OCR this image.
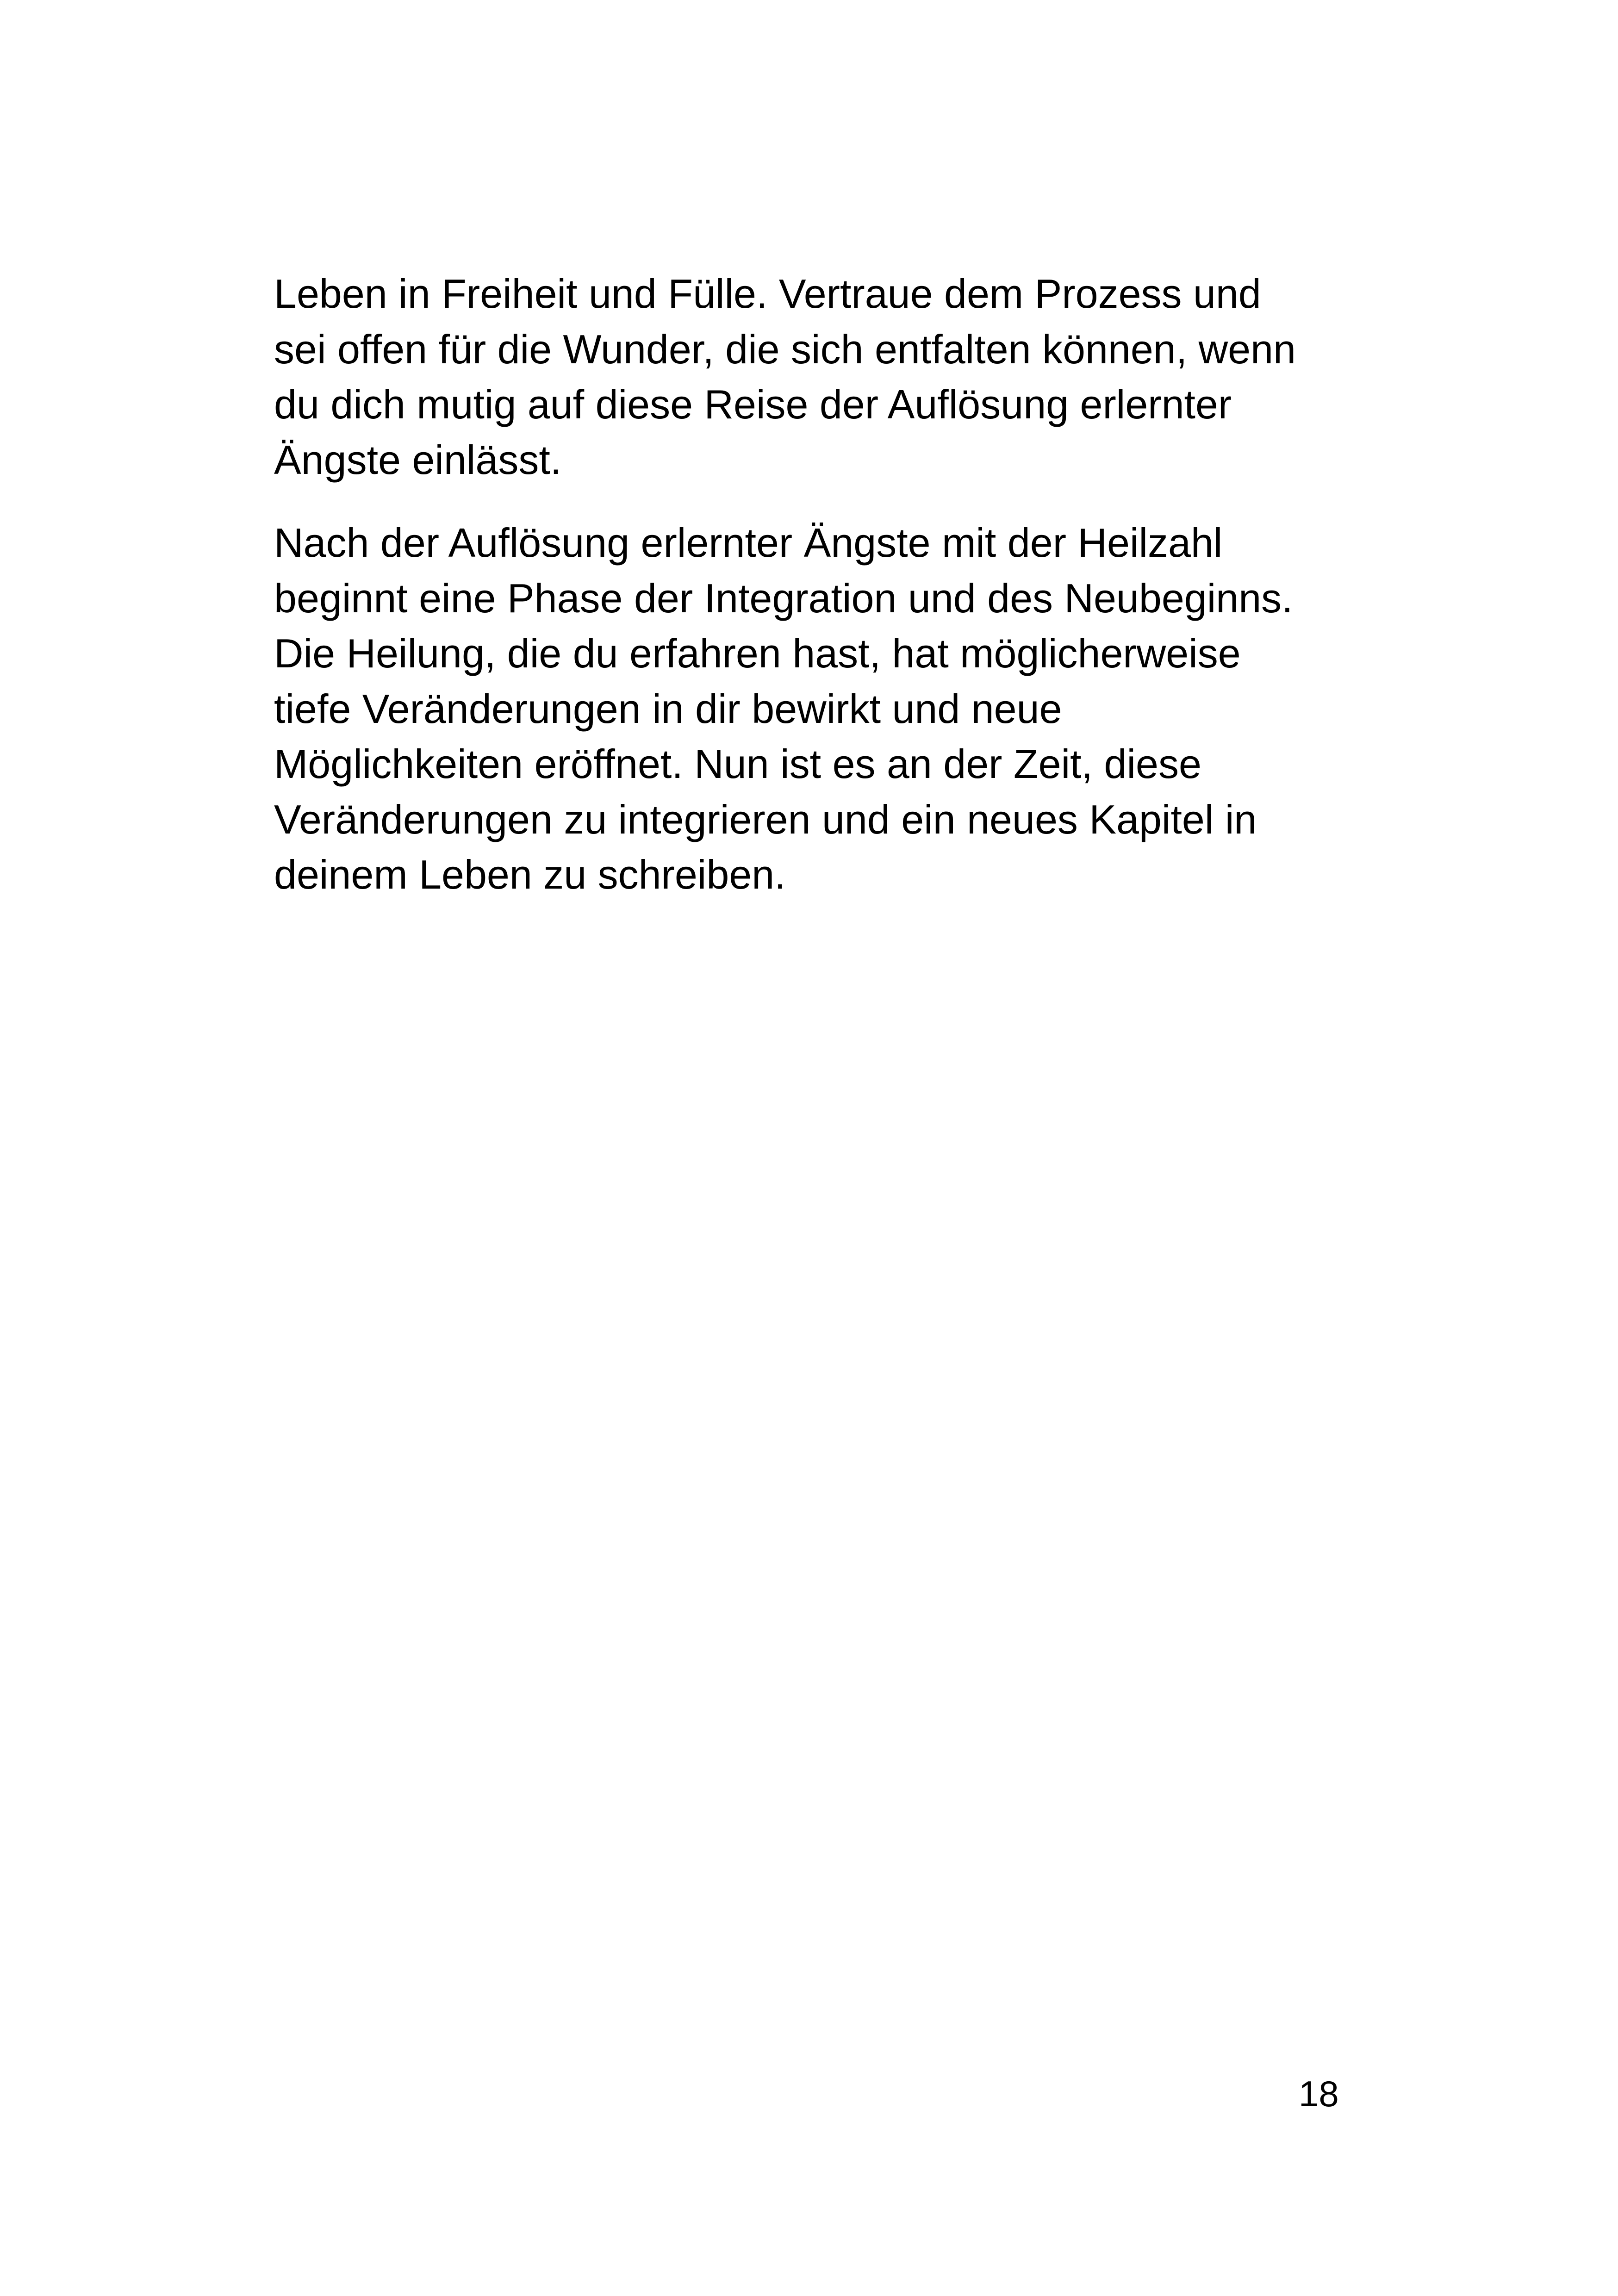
Leben in Freiheit und Fülle. Vertraue dem Prozess und
sei offen für die Wunder, die sich entfalten können, wenn
du dich mutig auf diese Reise der Auflösung erlernter
Ängste einlässt.

Nach der Auflösung erlernter Ängste mit der Heilzahl
beginnt eine Phase der Integration und des Neubeginns.
Die Heilung, die du erfahren hast, hat möglicherweise
tiefe Veränderungen in dir bewirkt und neue
Möglichkeiten eröffnet. Nun ist es an der Zeit, diese
Veränderungen zu integrieren und ein neues Kapitel in
deinem Leben zu schreiben.

18
